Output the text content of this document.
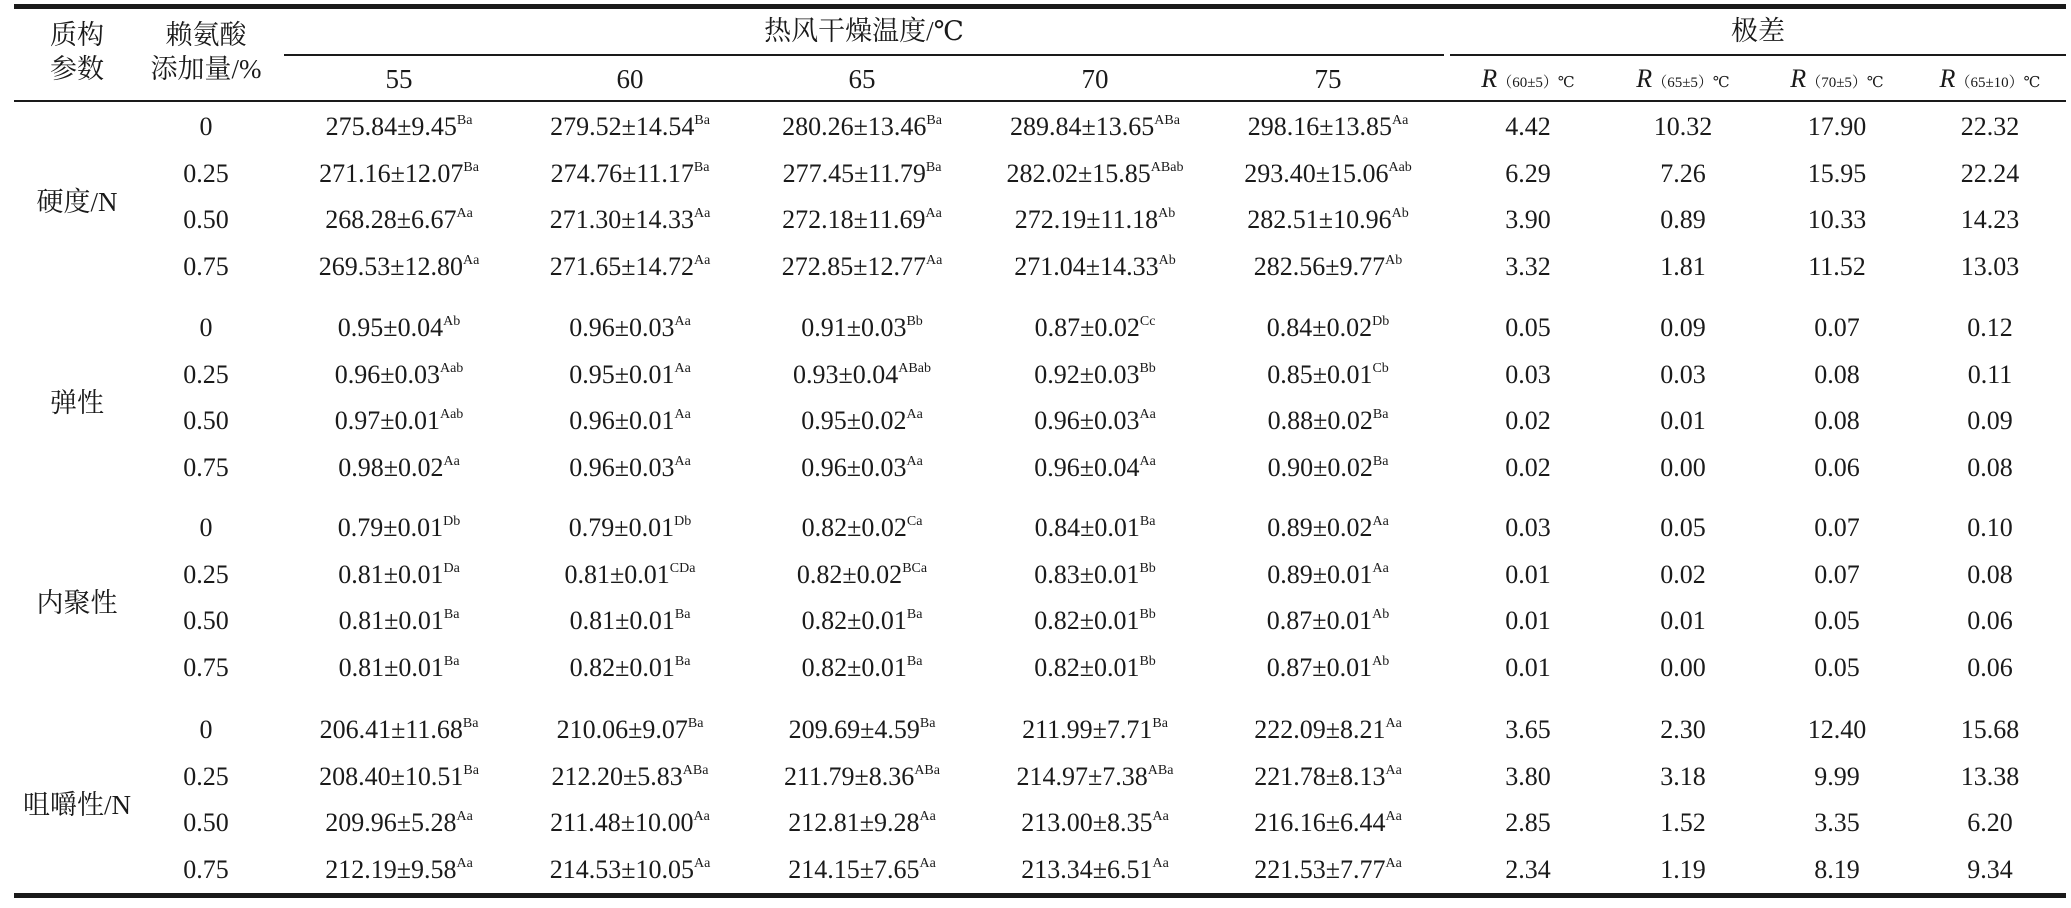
质构
参数
赖氨酸
添加量/%
热风干燥温度/℃	极差
55	60	65	70	75	R（60±5）℃	R（65±5）℃	R（70±5）℃	R（65±10）℃
硬度/N
0	$275.84\pm 9.45^{Ba}$	$279.52\pm 14.54^{Ba}$	$280.26\pm 13.46^{Ba}$	$289.84\pm 13.65^{ABa}$	$298.16\pm 13.85^{Aa}$	4.42	10.32	17.90	22.32
0.25	$271.16\pm 12.07^{Ba}$	$274.76\pm 11.17^{Ba}$	$277.45\pm 11.79^{Ba}$	$282.02\pm 15.85^{ABab}$	$293.40\pm 15.06^{Aab}$	6.29	7.26	15.95	22.24
0.50	$268.28\pm 6.67^{Aa}$	$271.30\pm 14.33^{Aa}$	$272.18\pm 11.69^{Aa}$	$272.19\pm 11.18^{Ab}$	$282.51\pm 10.96^{Ab}$	3.90	0.89	10.33	14.23
0.75	$269.53\pm 12.80^{Aa}$	$271.65\pm 14.72^{Aa}$	$272.85\pm 12.77^{Aa}$	$271.04\pm 14.33^{Ab}$	$282.56\pm 9.77^{Ab}$	3.32	1.81	11.52	13.03
弹性
0	$0.95\pm 0.04^{Ab}$	$0.96\pm 0.03^{Aa}$	$0.91\pm 0.03^{Bb}$	$0.87\pm 0.02^{Cc}$	$0.84\pm 0.02^{Db}$	0.05	0.09	0.07	0.12
0.25	$0.96\pm 0.03^{Aab}$	$0.95\pm 0.01^{Aa}$	$0.93\pm 0.04^{ABab}$	$0.92\pm 0.03^{Bb}$	$0.85\pm 0.01^{Cb}$	0.03	0.03	0.08	0.11
0.50	$0.97\pm 0.01^{Aab}$	$0.96\pm 0.01^{Aa}$	$0.95\pm 0.02^{Aa}$	$0.96\pm 0.03^{Aa}$	$0.88\pm 0.02^{Ba}$	0.02	0.01	0.08	0.09
0.75	$0.98\pm 0.02^{Aa}$	$0.96\pm 0.03^{Aa}$	$0.96\pm 0.03^{Aa}$	$0.96\pm 0.04^{Aa}$	$0.90\pm 0.02^{Ba}$	0.02	0.00	0.06	0.08
内聚性
0	$0.79\pm 0.01^{Db}$	$0.79\pm 0.01^{Db}$	$0.82\pm 0.02^{Ca}$	$0.84\pm 0.01^{Ba}$	$0.89\pm 0.02^{Aa}$	0.03	0.05	0.07	0.10
0.25	$0.81\pm 0.01^{Da}$	$0.81\pm 0.01^{CDa}$	$0.82\pm 0.02^{BCa}$	$0.83\pm 0.01^{Bb}$	$0.89\pm 0.01^{Aa}$	0.01	0.02	0.07	0.08
0.50	$0.81\pm 0.01^{Ba}$	$0.81\pm 0.01^{Ba}$	$0.82\pm 0.01^{Ba}$	$0.82\pm 0.01^{Bb}$	$0.87\pm 0.01^{Ab}$	0.01	0.01	0.05	0.06
0.75	$0.81\pm 0.01^{Ba}$	$0.82\pm 0.01^{Ba}$	$0.82\pm 0.01^{Ba}$	$0.82\pm 0.01^{Bb}$	$0.87\pm 0.01^{Ab}$	0.01	0.00	0.05	0.06
咀嚼性/N
0	$206.41\pm 11.68^{Ba}$	$210.06\pm 9.07^{Ba}$	$209.69\pm 4.59^{Ba}$	$211.99\pm 7.71^{Ba}$	$222.09\pm 8.21^{Aa}$	3.65	2.30	12.40	15.68
0.25	$208.40\pm 10.51^{Ba}$	$212.20\pm 5.83^{ABa}$	$211.79\pm 8.36^{ABa}$	$214.97\pm 7.38^{ABa}$	$221.78\pm 8.13^{Aa}$	3.80	3.18	9.99	13.38
0.50	$209.96\pm 5.28^{Aa}$	$211.48\pm 10.00^{Aa}$	$212.81\pm 9.28^{Aa}$	$213.00\pm 8.35^{Aa}$	$216.16\pm 6.44^{Aa}$	2.85	1.52	3.35	6.20
0.75	$212.19\pm 9.58^{Aa}$	$214.53\pm 10.05^{Aa}$	$214.15\pm 7.65^{Aa}$	$213.34\pm 6.51^{Aa}$	$221.53\pm 7.77^{Aa}$	2.34	1.19	8.19	9.34
